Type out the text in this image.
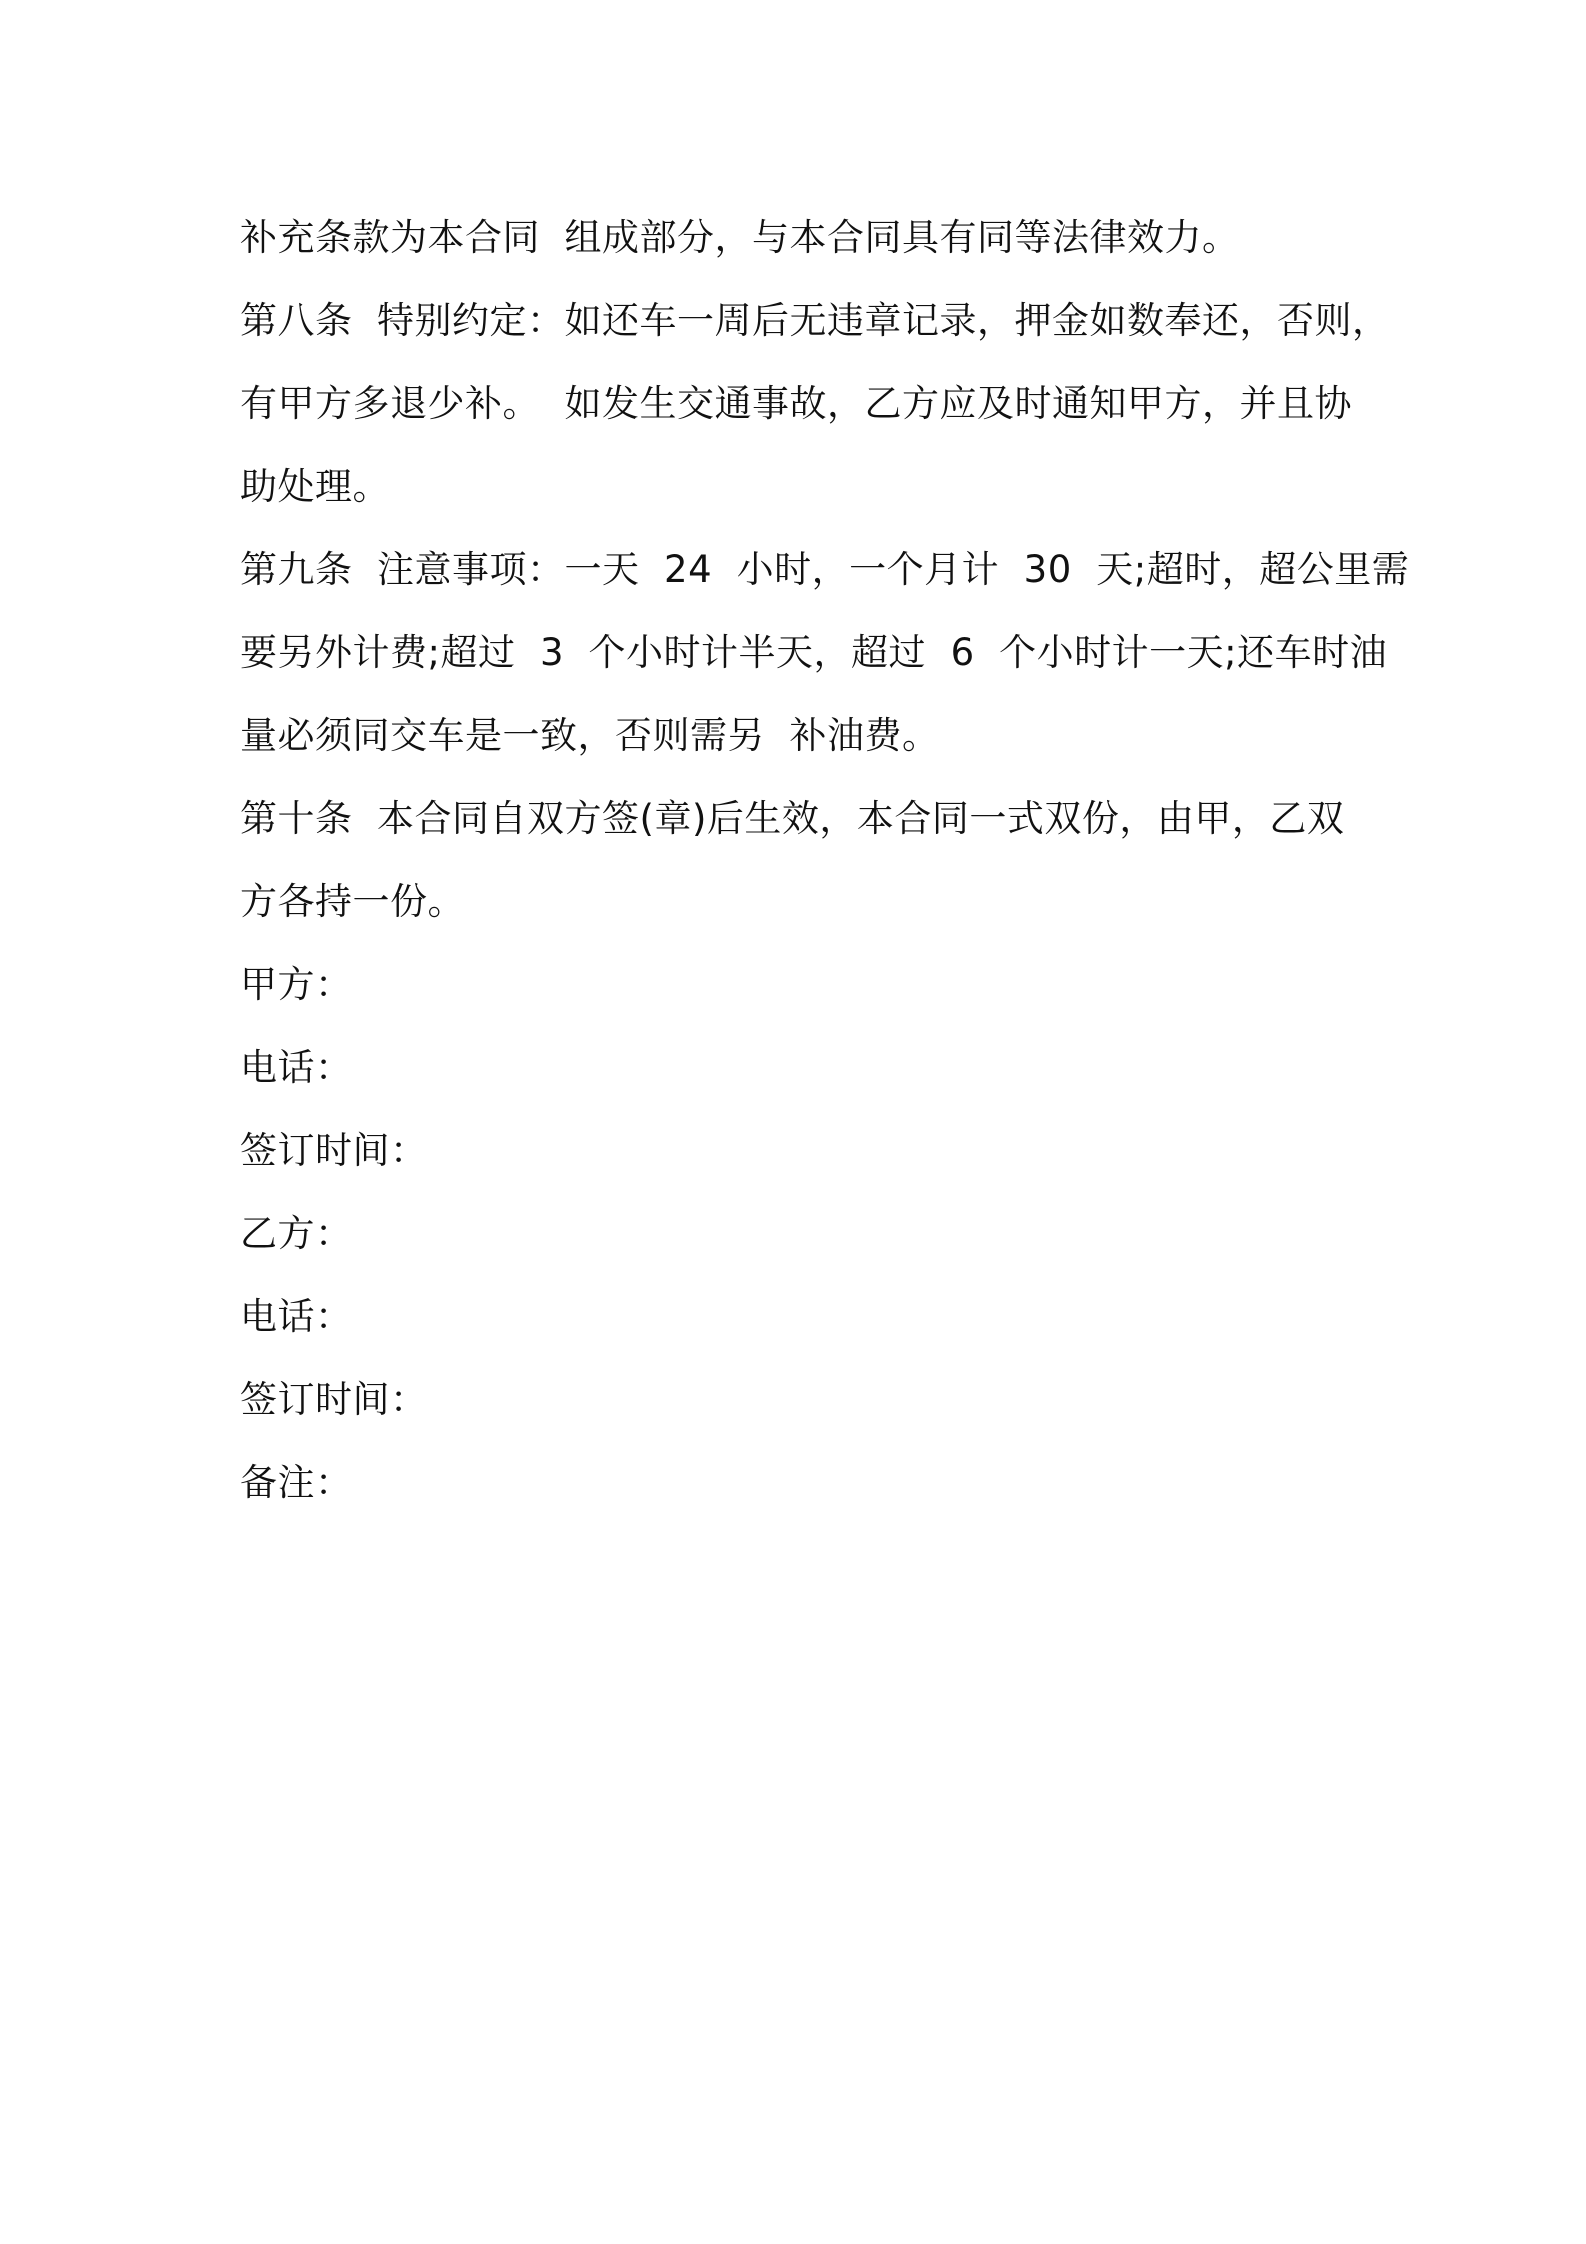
补充条款为本合同  组成部分，与本合同具有同等法律效力。
第八条  特别约定：如还车一周后无违章记录，押金如数奉还，否则，
有甲方多退少补。  如发生交通事故，乙方应及时通知甲方，并且协
助处理。
第九条  注意事项：一天  24  小时，一个月计  30  天;超时，超公里需
要另外计费;超过  3  个小时计半天，超过  6  个小时计一天;还车时油
量必须同交车是一致，否则需另  补油费。
第十条  本合同自双方签(章)后生效，本合同一式双份，由甲，乙双
方各持一份。
甲方：
电话：
签订时间：
乙方：
电话：
签订时间：
备注：
